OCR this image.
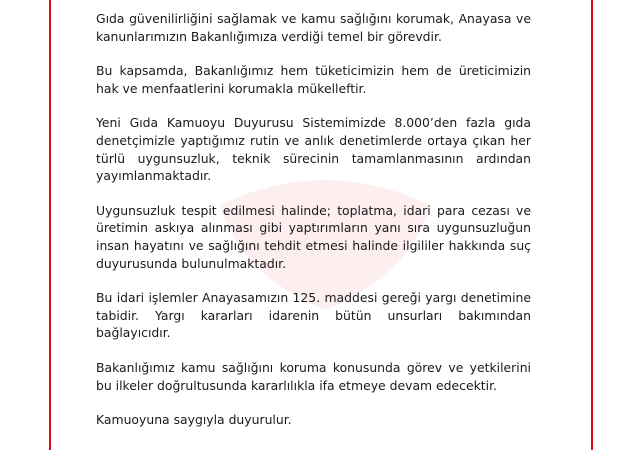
Gıda güvenilirliğini sağlamak ve kamu sağlığını korumak, Anayasa ve kanunlarımızın Bakanlığımıza verdiği temel bir görevdir.

Bu kapsamda, Bakanlığımız hem tüketicimizin hem de üreticimizin hak ve menfaatlerini korumakla mükelleftir.

Yeni Gıda Kamuoyu Duyurusu Sistemimizde 8.000’den fazla gıda denetçimizle yaptığımız rutin ve anlık denetimlerde ortaya çıkan her türlü uygunsuzluk, teknik sürecinin tamamlanmasının ardından yayımlanmaktadır.

Uygunsuzluk tespit edilmesi halinde; toplatma, idari para cezası ve üretimin askıya alınması gibi yaptırımların yanı sıra uygunsuzluğun insan hayatını ve sağlığını tehdit etmesi halinde ilgililer hakkında suç duyurusunda bulunulmaktadır.

Bu idari işlemler Anayasamızın 125. maddesi gereği yargı denetimine tabidir. Yargı kararları idarenin bütün unsurları bakımından bağlayıcıdır.

Bakanlığımız kamu sağlığını koruma konusunda görev ve yetkilerini bu ilkeler doğrultusunda kararlılıkla ifa etmeye devam edecektir.

Kamuoyuna saygıyla duyurulur.
